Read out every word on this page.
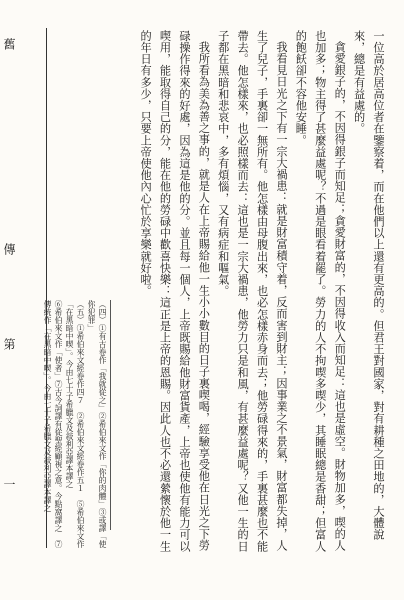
舊
傳
第
一	一位高於居高位者在鑒察着，而在他們以上還有更高的。但君王對國家，對有耕種之田地的，大體說來，總是有益處的。

貪愛銀子的，不因得銀子而知足；貪愛財富的，不因得收入而知足：這也是虛空。財物加多，喫的人也加多；物主得了甚麼益處呢？不過是眼看着罷了。勞力的人不拘喫多喫少，其睡眠總是香甜；但富人的飽飫卻不容他安睡。

我看見日光之下有一宗大禍患：就是財富積守着，反而害到財主；因事業之不景氣，財富都失掉，人生了兒子，手裏卻一無所有。他怎樣由母腹出來，也必怎樣赤身而去；他勞碌得來的，手裏甚麼也不能帶去。他怎樣來，也必照樣而去：這也是一宗大禍患，他勞力只是和風，有甚麼益處呢？又他一生的日子都在黑暗和悲哀中，多有煩惱，又有病症和嘔氣。

我所看為美為善之事的，就是人在上帝賜給他一生小小數目的日子裏喫喝，經驗享受他在日光之下勞碌操作得來的好處，因為這是他的分。並且每一個人，上帝既賜給他財富貨產，上帝也使他有能力可以喫用，能取得自己的分，能在他的勞碌中歡喜快樂：這正是上帝的恩賜。因此人也不必還縈懷於他一生的年日有多少，只要上帝使他內心忙於享樂就好啦。

（四）①有古卷作「我就從之」②希伯來文作「你的肉體」③或譯「使你犯罪」

（五）①希伯來文經卷作四７　②希伯來文經卷作五１　⑤希伯來文作「在黑暗中喫」。今由七十子希臘文及敍利亞譯本譯之

⑥希伯來文作「使者」⑦古今詞譯有從聖經顧視之意。今點窩譯之　⑦傳統作「在黑暗中喫」。今由七十子希臘文及敍利亞譯本譯之
